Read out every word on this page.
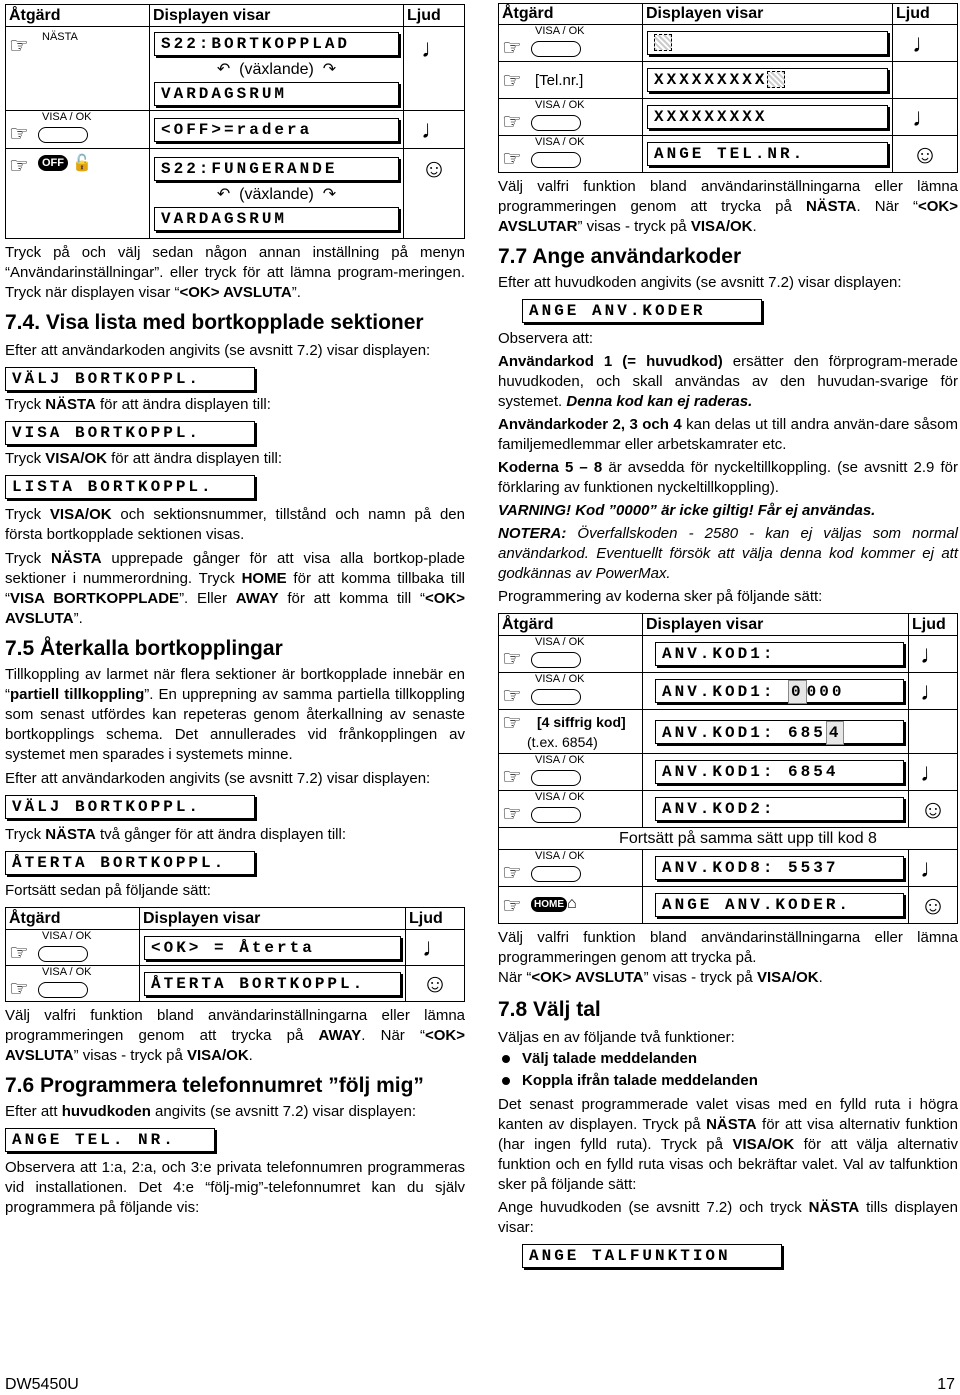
Åtgärd	Displayen visar	Ljud

☞ NÄSTA	S22:BORTKOPPLAD
↶ (växlande) ↷
VARDAGSRUM	♩

VISA / OK
☞	<OFF>=radera	♩

☞ OFF 🔓	S22:FUNGERANDE
↶ (växlande) ↷
VARDAGSRUM	☺

Tryck på och välj sedan någon annan inställning på menyn “Användarinställningar”. eller tryck för att lämna program-meringen. Tryck när displayen visar “<OK> AVSLUTA”.

7.4. Visa lista med bortkopplade sektioner

Efter att användarkoden angivits (se avsnitt 7.2) visar displayen:

VÄLJ BORTKOPPL.

Tryck NÄSTA för att ändra displayen till:

VISA BORTKOPPL.

Tryck VISA/OK för att ändra displayen till:

LISTA BORTKOPPL.

Tryck VISA/OK och sektionsnummer, tillstånd och namn på den första bortkopplade sektionen visas.

Tryck NÄSTA upprepade gånger för att visa alla bortkop-plade sektioner i nummerordning. Tryck HOME för att komma tillbaka till “VISA BORTKOPPLADE”. Eller AWAY för att komma till “<OK> AVSLUTA”.

7.5 Återkalla bortkopplingar

Tillkoppling av larmet när flera sektioner är bortkopplade innebär en “partiell tillkoppling”. En upprepning av samma partiella tillkoppling som senast utfördes kan repeteras genom återkallning av senaste bortkopplings schema. Det annullerades vid frånkopplingen av systemet men sparades i systemets minne.

Efter att användarkoden angivits (se avsnitt 7.2) visar displayen:

VÄLJ BORTKOPPL.

Tryck NÄSTA två gånger för att ändra displayen till:

ÅTERTA BORTKOPPL.

Fortsätt sedan på följande sätt:

Åtgärd	Displayen visar	Ljud

VISA / OK
☞	<OK> = Återta	♩

VISA / OK
☞	ÅTERTA BORTKOPPL.	☺

Välj valfri funktion bland användarinställningarna eller lämna programmeringen genom att trycka på AWAY. När “<OK> AVSLUTA” visas - tryck på VISA/OK.

7.6 Programmera telefonnumret ”följ mig”

Efter att huvudkoden angivits (se avsnitt 7.2) visar displayen:

ANGE TEL. NR.

Observera att 1:a, 2:a, och 3:e privata telefonnumren programmeras vid installationen. Det 4:e “följ-mig”-telefonnumret kan du själv programmera på följande vis:

Åtgärd	Displayen visar	Ljud

VISA / OK
☞		♩

☞ [Tel.nr.]	XXXXXXXXX	

VISA / OK
☞	XXXXXXXXX	♩

VISA / OK
☞	ANGE TEL.NR.	☺

Välj valfri funktion bland användarinställningarna eller lämna programmeringen genom att trycka på NÄSTA. När “<OK> AVSLUTAR” visas - tryck på VISA/OK.

7.7 Ange användarkoder

Efter att huvudkoden angivits (se avsnitt 7.2) visar displayen:

ANGE ANV.KODER

Observera att:

Användarkod 1 (= huvudkod) ersätter den förprogram-merade huvudkoden, och skall användas av den huvudan-svarige för systemet. Denna kod kan ej raderas.

Användarkoder 2, 3 och 4 kan delas ut till andra använ-dare såsom familjemedlemmar eller arbetskamrater etc.

Koderna 5 – 8 är avsedda för nyckeltillkoppling. (se avsnitt 2.9 för förklaring av funktionen nyckeltillkoppling).

VARNING! Kod ”0000” är icke giltig! Får ej användas.

NOTERA: Överfallskoden - 2580 - kan ej väljas som normal användarkod. Eventuellt försök att välja denna kod kommer ej att godkännas av PowerMax.

Programmering av koderna sker på följande sätt:

Åtgärd	Displayen visar	Ljud

VISA / OK
☞	ANV.KOD1:	♩

VISA / OK
☞	ANV.KOD1: 0 000	♩

☞ [4 siffrig kod]
(t.ex. 6854)	ANV.KOD1: 685 4	

VISA / OK
☞	ANV.KOD1: 6854	♩

VISA / OK
☞	ANV.KOD2:	☺
Fortsätt på samma sätt upp till kod 8		

VISA / OK
☞	ANV.KOD8: 5537	♩

☞ HOME ⌂	ANGE ANV.KODER.	☺

Välj valfri funktion bland användarinställningarna eller lämna programmeringen genom att trycka på.

När “<OK> AVSLUTA” visas - tryck på VISA/OK.

7.8 Välj tal

Väljas en av följande två funktioner:

Välj talade meddelanden
Koppla ifrån talade meddelanden

Det senast programmerade valet visas med en fylld ruta i högra kanten av displayen. Tryck på NÄSTA för att visa alternativ funktion (har ingen fylld ruta). Tryck på VISA/OK för att välja alternativ funktion och en fylld ruta visas och bekräftar valet. Val av talfunktion sker på följande sätt:

Ange huvudkoden (se avsnitt 7.2) och tryck NÄSTA tills displayen visar:

ANGE TALFUNKTION
DW5450U	17
